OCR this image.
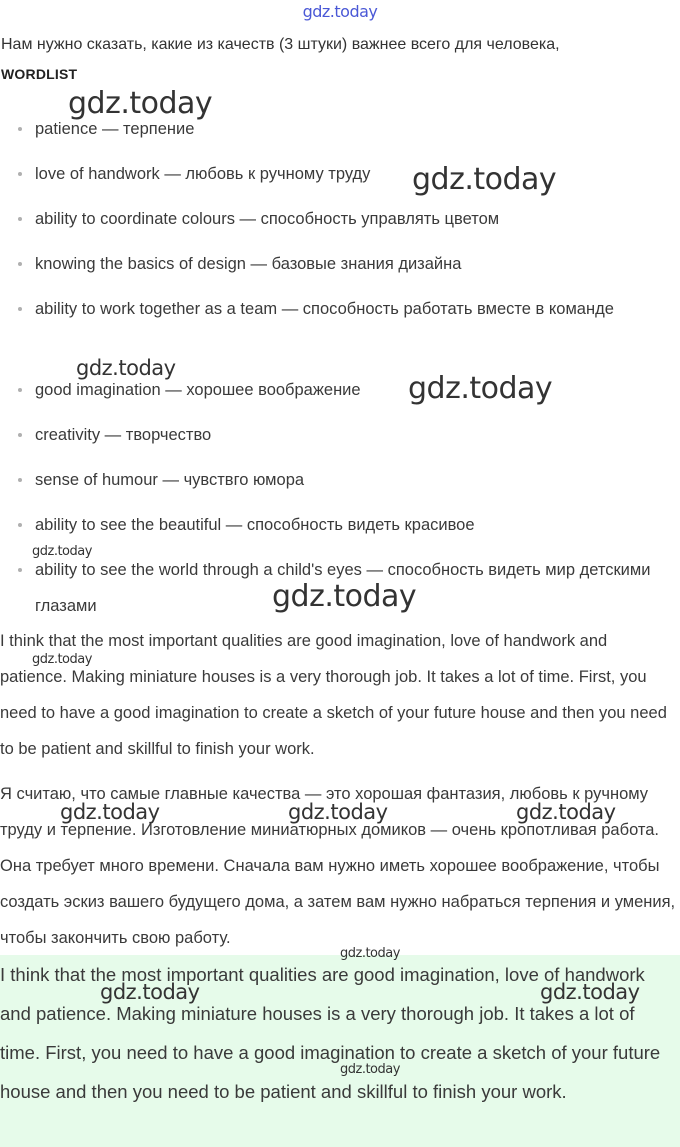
gdz.today
Нам нужно сказать, какие из качеств (3 штуки) важнее всего для человека,
WORDLIST
patience — терпение
love of handwork — любовь к ручному труду
ability to coordinate colours — способность управлять цветом
knowing the basics of design — базовые знания дизайна
ability to work together as a team — способность работать вместе в команде
good imagination — хорошее воображение
creativity — творчество
sense of humour — чувствго юмора
ability to see the beautiful — способность видеть красивое
ability to see the world through a child's eyes — способность видеть мир детскими глазами

I think that the most important qualities are good imagination, love of handwork and patience. Making miniature houses is a very thorough job. It takes a lot of time. First, you need to have a good imagination to create a sketch of your future house and then you need to be patient and skillful to finish your work.

Я считаю, что самые главные качества — это хорошая фантазия, любовь к ручному труду и терпение. Изготовление миниатюрных домиков — очень кропотливая работа. Она требует много времени. Сначала вам нужно иметь хорошее воображение, чтобы создать эскиз вашего будущего дома, а затем вам нужно набраться терпения и умения, чтобы закончить свою работу.

I think that the most important qualities are good imagination, love of handwork and patience. Making miniature houses is a very thorough job. It takes a lot of time. First, you need to have a good imagination to create a sketch of your future house and then you need to be patient and skillful to finish your work.

gdz.today
gdz.today
gdz.today
gdz.today
gdz.today
gdz.today
gdz.today
gdz.today	gdz.today	gdz.today
gdz.today
gdz.today	gdz.today
gdz.today
